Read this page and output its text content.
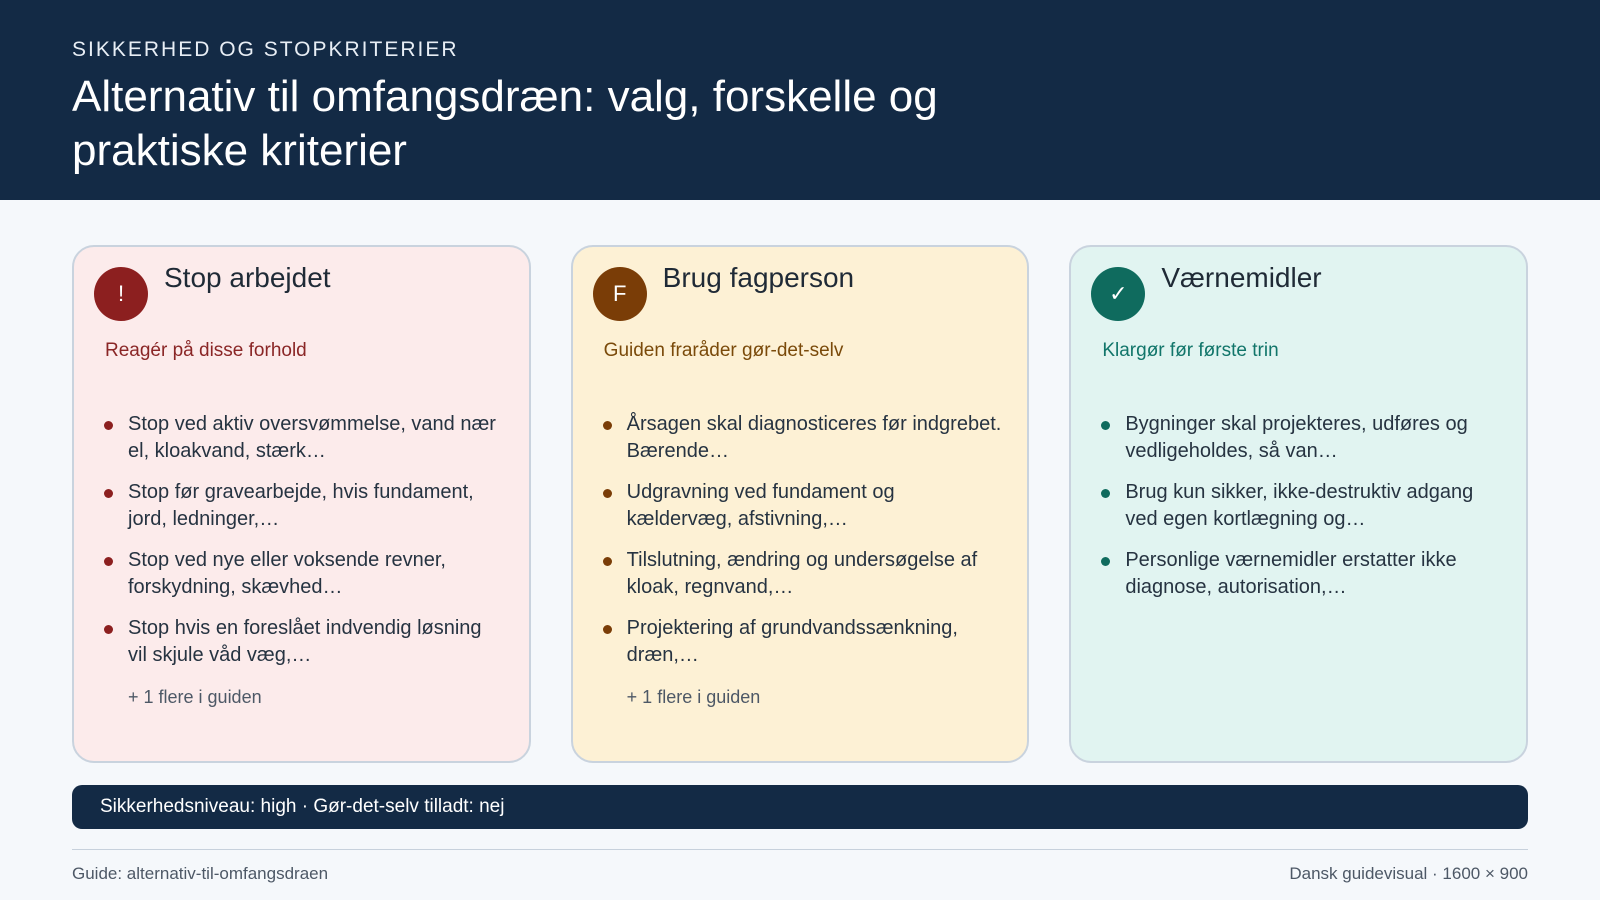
SIKKERHED OG STOPKRITERIER
Alternativ til omfangsdræn: valg, forskelle og praktiske kriterier
!
Stop arbejdet
Reagér på disse forhold
Stop ved aktiv oversvømmelse, vand nær el, kloakvand, stærk…
Stop før gravearbejde, hvis fundament, jord, ledninger,…
Stop ved nye eller voksende revner, forskydning, skævhed…
Stop hvis en foreslået indvendig løsning vil skjule våd væg,…
+ 1 flere i guiden
F
Brug fagperson
Guiden fraråder gør-det-selv
Årsagen skal diagnosticeres før indgrebet. Bærende…
Udgravning ved fundament og kældervæg, afstivning,…
Tilslutning, ændring og undersøgelse af kloak, regnvand,…
Projektering af grundvandssænkning, dræn,…
+ 1 flere i guiden
✓
Værnemidler
Klargør før første trin
Bygninger skal projekteres, udføres og vedligeholdes, så van…
Brug kun sikker, ikke-destruktiv adgang ved egen kortlægning og…
Personlige værnemidler erstatter ikke diagnose, autorisation,…
Sikkerhedsniveau: high · Gør-det-selv tilladt: nej
Guide: alternativ-til-omfangsdraen	Dansk guidevisual · 1600 × 900
